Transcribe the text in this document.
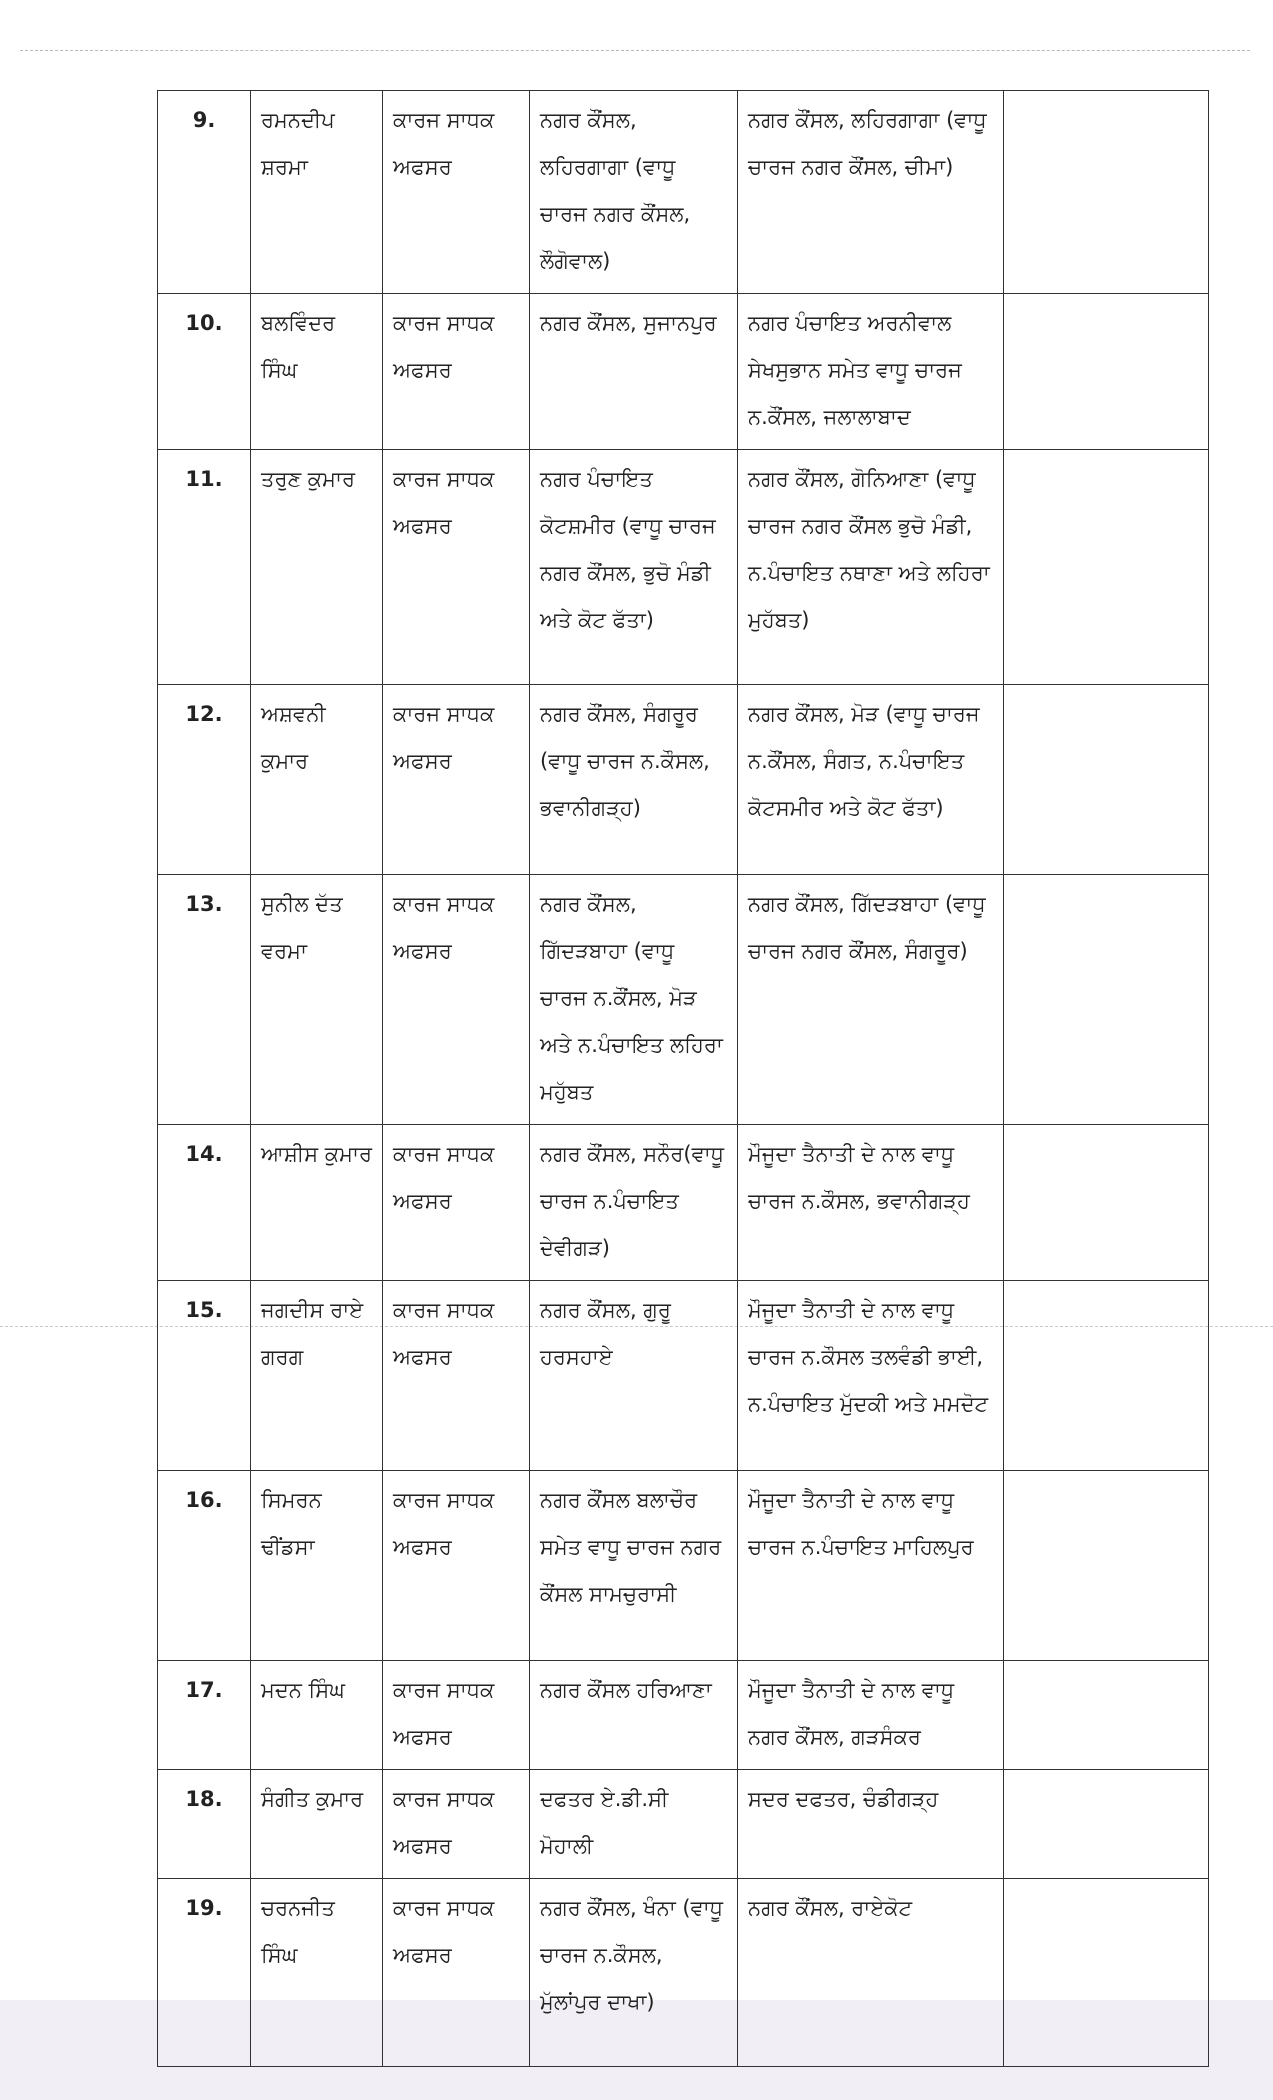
9.	ਰਮਨਦੀਪ ਸ਼ਰਮਾ	ਕਾਰਜ ਸਾਧਕ ਅਫਸਰ	ਨਗਰ ਕੌਂਸਲ, ਲਹਿਰਗਾਗਾ (ਵਾਧੂ ਚਾਰਜ ਨਗਰ ਕੌਂਸਲ, ਲੌਗੋਵਾਲ)	ਨਗਰ ਕੌਂਸਲ, ਲਹਿਰਗਾਗਾ (ਵਾਧੂ ਚਾਰਜ ਨਗਰ ਕੌਂਸਲ, ਚੀਮਾ)	
10.	ਬਲਵਿੰਦਰ ਸਿੰਘ	ਕਾਰਜ ਸਾਧਕ ਅਫਸਰ	ਨਗਰ ਕੌਂਸਲ, ਸੁਜਾਨਪੁਰ	ਨਗਰ ਪੰਚਾਇਤ ਅਰਨੀਵਾਲ ਸੇਖਸੁਭਾਨ ਸਮੇਤ ਵਾਧੂ ਚਾਰਜ ਨ.ਕੌਂਸਲ, ਜਲਾਲਾਬਾਦ	
11.	ਤਰੁਣ ਕੁਮਾਰ	ਕਾਰਜ ਸਾਧਕ ਅਫਸਰ	ਨਗਰ ਪੰਚਾਇਤ ਕੋਟਸ਼ਮੀਰ (ਵਾਧੂ ਚਾਰਜ ਨਗਰ ਕੌਂਸਲ, ਭੁਚੋ ਮੰਡੀ ਅਤੇ ਕੋਟ ਫੱਤਾ)	ਨਗਰ ਕੌਂਸਲ, ਗੋਨਿਆਣਾ (ਵਾਧੂ ਚਾਰਜ ਨਗਰ ਕੌਂਸਲ ਭੁਚੋ ਮੰਡੀ, ਨ.ਪੰਚਾਇਤ ਨਥਾਣਾ ਅਤੇ ਲਹਿਰਾ ਮੁਹੱਬਤ)	
12.	ਅਸ਼ਵਨੀ ਕੁਮਾਰ	ਕਾਰਜ ਸਾਧਕ ਅਫਸਰ	ਨਗਰ ਕੌਂਸਲ, ਸੰਗਰੂਰ (ਵਾਧੂ ਚਾਰਜ ਨ.ਕੌਸਲ, ਭਵਾਨੀਗੜ੍ਹ)	ਨਗਰ ਕੌਂਸਲ, ਮੋੜ (ਵਾਧੂ ਚਾਰਜ ਨ.ਕੌਂਸਲ, ਸੰਗਤ, ਨ.ਪੰਚਾਇਤ ਕੋਟਸਮੀਰ ਅਤੇ ਕੋਟ ਫੱਤਾ)	
13.	ਸੁਨੀਲ ਦੱਤ ਵਰਮਾ	ਕਾਰਜ ਸਾਧਕ ਅਫਸਰ	ਨਗਰ ਕੌਂਸਲ, ਗਿੱਦੜਬਾਹਾ (ਵਾਧੂ ਚਾਰਜ ਨ.ਕੌਂਸਲ, ਮੋੜ ਅਤੇ ਨ.ਪੰਚਾਇਤ ਲਹਿਰਾ ਮਹੁੱਬਤ	ਨਗਰ ਕੌਂਸਲ, ਗਿੱਦੜਬਾਹਾ (ਵਾਧੂ ਚਾਰਜ ਨਗਰ ਕੌਂਸਲ, ਸੰਗਰੂਰ)	
14.	ਆਸ਼ੀਸ ਕੁਮਾਰ	ਕਾਰਜ ਸਾਧਕ ਅਫਸਰ	ਨਗਰ ਕੌਂਸਲ, ਸਨੌਰ(ਵਾਧੂ ਚਾਰਜ ਨ.ਪੰਚਾਇਤ ਦੇਵੀਗੜ)	ਮੌਜੂਦਾ ਤੈਨਾਤੀ ਦੇ ਨਾਲ ਵਾਧੂ ਚਾਰਜ ਨ.ਕੌਸਲ, ਭਵਾਨੀਗੜ੍ਹ	
15.	ਜਗਦੀਸ ਰਾਏ ਗਰਗ	ਕਾਰਜ ਸਾਧਕ ਅਫਸਰ	ਨਗਰ ਕੌਂਸਲ, ਗੁਰੂ ਹਰਸਹਾਏ	ਮੌਜੂਦਾ ਤੈਨਾਤੀ ਦੇ ਨਾਲ ਵਾਧੂ ਚਾਰਜ ਨ.ਕੌਸਲ ਤਲਵੰਡੀ ਭਾਈ, ਨ.ਪੰਚਾਇਤ ਮੁੱਦਕੀ ਅਤੇ ਮਮਦੋਟ	
16.	ਸਿਮਰਨ ਢੀਂਡਸਾ	ਕਾਰਜ ਸਾਧਕ ਅਫਸਰ	ਨਗਰ ਕੌਂਸਲ ਬਲਾਚੌਰ ਸਮੇਤ ਵਾਧੂ ਚਾਰਜ ਨਗਰ ਕੌਂਸਲ ਸਾਮਚੁਰਾਸੀ	ਮੌਜੂਦਾ ਤੈਨਾਤੀ ਦੇ ਨਾਲ ਵਾਧੂ ਚਾਰਜ ਨ.ਪੰਚਾਇਤ ਮਾਹਿਲਪੁਰ	
17.	ਮਦਨ ਸਿੰਘ	ਕਾਰਜ ਸਾਧਕ ਅਫਸਰ	ਨਗਰ ਕੌਂਸਲ ਹਰਿਆਣਾ	ਮੌਜੂਦਾ ਤੈਨਾਤੀ ਦੇ ਨਾਲ ਵਾਧੂ ਨਗਰ ਕੌਂਸਲ, ਗੜਸੰਕਰ	
18.	ਸੰਗੀਤ ਕੁਮਾਰ	ਕਾਰਜ ਸਾਧਕ ਅਫਸਰ	ਦਫਤਰ ਏ.ਡੀ.ਸੀ ਮੋਹਾਲੀ	ਸਦਰ ਦਫਤਰ, ਚੰਡੀਗੜ੍ਹ	
19.	ਚਰਨਜੀਤ ਸਿੰਘ	ਕਾਰਜ ਸਾਧਕ ਅਫਸਰ	ਨਗਰ ਕੌਂਸਲ, ਖੰਨਾ (ਵਾਧੂ ਚਾਰਜ ਨ.ਕੌਸਲ, ਮੁੱਲਾਂਪੁਰ ਦਾਖਾ)	ਨਗਰ ਕੌਂਸਲ, ਰਾਏਕੋਟ	
